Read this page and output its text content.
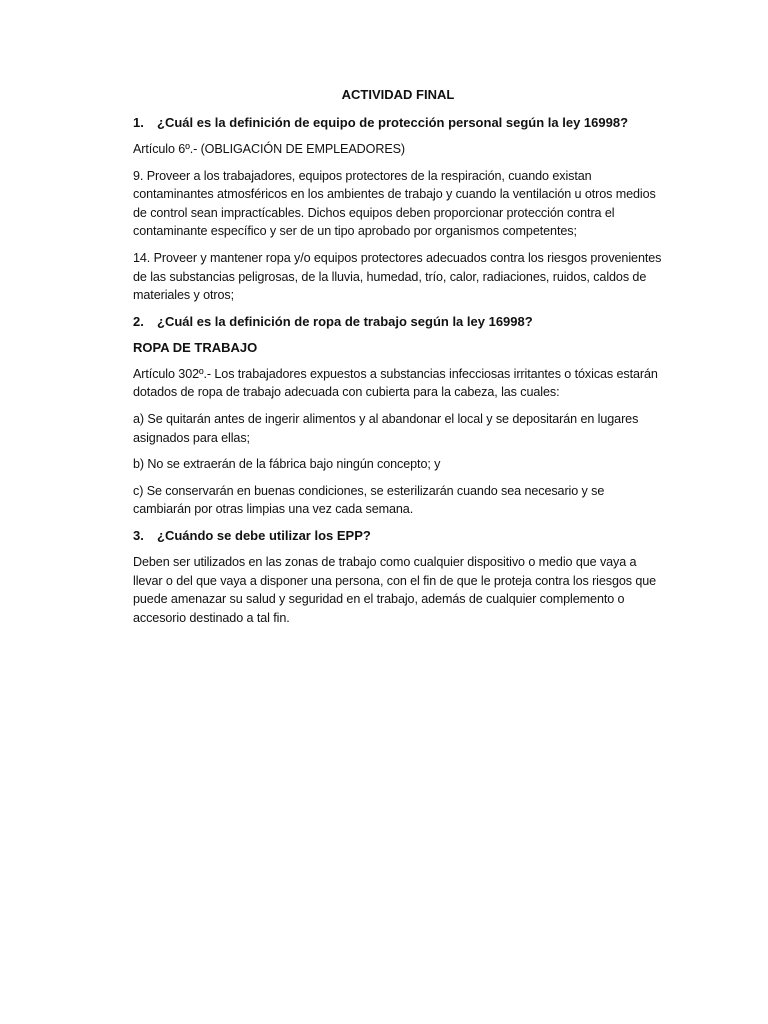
ACTIVIDAD FINAL
1.	¿Cuál es la definición de equipo de protección personal según la ley 16998?

Artículo 6º.- (OBLIGACIÓN DE EMPLEADORES)

9. Proveer a los trabajadores, equipos protectores de la respiración, cuando existan contaminantes atmosféricos en los ambientes de trabajo y cuando la ventilación u otros medios de control sean impractícables. Dichos equipos deben proporcionar protección contra el contaminante específico y ser de un tipo aprobado por organismos competentes;

14. Proveer y mantener ropa y/o equipos protectores adecuados contra los riesgos provenientes de las substancias peligrosas, de la lluvia, humedad, trío, calor, radiaciones, ruidos, caldos de materiales y otros;

2.	¿Cuál es la definición de ropa de trabajo según la ley 16998?
ROPA DE TRABAJO

Artículo 302º.- Los trabajadores expuestos a substancias infecciosas irritantes o tóxicas estarán dotados de ropa de trabajo adecuada con cubierta para la cabeza, las cuales:

a) Se quitarán antes de ingerir alimentos y al abandonar el local y se depositarán en lugares asignados para ellas;

b) No se extraerán de la fábrica bajo ningún concepto; y

c) Se conservarán en buenas condiciones, se esterilizarán cuando sea necesario y se cambiarán por otras limpias una vez cada semana.

3.	¿Cuándo se debe utilizar los EPP?

Deben ser utilizados en las zonas de trabajo como cualquier dispositivo o medio que vaya a llevar o del que vaya a disponer una persona, con el fin de que le proteja contra los riesgos que puede amenazar su salud y seguridad en el trabajo, además de cualquier complemento o accesorio destinado a tal fin.
